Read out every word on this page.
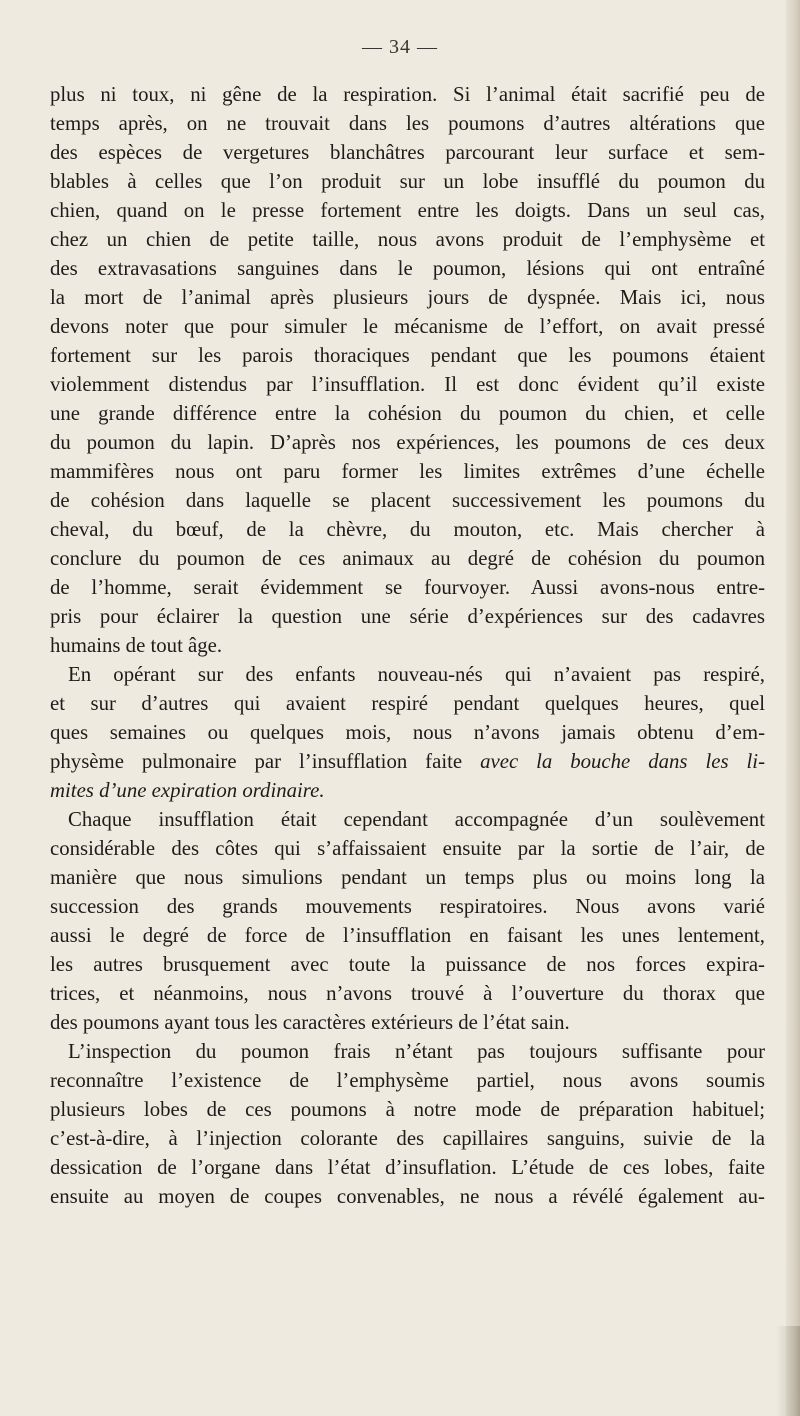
— 34 —
plus ni toux, ni gêne de la respiration. Si l’animal était sacrifié peu de
temps après, on ne trouvait dans les poumons d’autres altérations que
des espèces de vergetures blanchâtres parcourant leur surface et sem-
blables à celles que l’on produit sur un lobe insufflé du poumon du
chien, quand on le presse fortement entre les doigts. Dans un seul cas,
chez un chien de petite taille, nous avons produit de l’emphysème et
des extravasations sanguines dans le poumon, lésions qui ont entraîné
la mort de l’animal après plusieurs jours de dyspnée. Mais ici, nous
devons noter que pour simuler le mécanisme de l’effort, on avait pressé
fortement sur les parois thoraciques pendant que les poumons étaient
violemment distendus par l’insufflation. Il est donc évident qu’il existe
une grande différence entre la cohésion du poumon du chien, et celle
du poumon du lapin. D’après nos expériences, les poumons de ces deux
mammifères nous ont paru former les limites extrêmes d’une échelle
de cohésion dans laquelle se placent successivement les poumons du
cheval, du bœuf, de la chèvre, du mouton, etc. Mais chercher à
conclure du poumon de ces animaux au degré de cohésion du poumon
de l’homme, serait évidemment se fourvoyer. Aussi avons-nous entre-
pris pour éclairer la question une série d’expériences sur des cadavres
humains de tout âge.
En opérant sur des enfants nouveau-nés qui n’avaient pas respiré,
et sur d’autres qui avaient respiré pendant quelques heures, quel
ques semaines ou quelques mois, nous n’avons jamais obtenu d’em-
physème pulmonaire par l’insufflation faite avec la bouche dans les li-
mites d’une expiration ordinaire.
Chaque insufflation était cependant accompagnée d’un soulèvement
considérable des côtes qui s’affaissaient ensuite par la sortie de l’air, de
manière que nous simulions pendant un temps plus ou moins long la
succession des grands mouvements respiratoires. Nous avons varié
aussi le degré de force de l’insufflation en faisant les unes lentement,
les autres brusquement avec toute la puissance de nos forces expira-
trices, et néanmoins, nous n’avons trouvé à l’ouverture du thorax que
des poumons ayant tous les caractères extérieurs de l’état sain.
L’inspection du poumon frais n’étant pas toujours suffisante pour
reconnaître l’existence de l’emphysème partiel, nous avons soumis
plusieurs lobes de ces poumons à notre mode de préparation habituel;
c’est-à-dire, à l’injection colorante des capillaires sanguins, suivie de la
dessication de l’organe dans l’état d’insuflation. L’étude de ces lobes, faite
ensuite au moyen de coupes convenables, ne nous a révélé également au-
